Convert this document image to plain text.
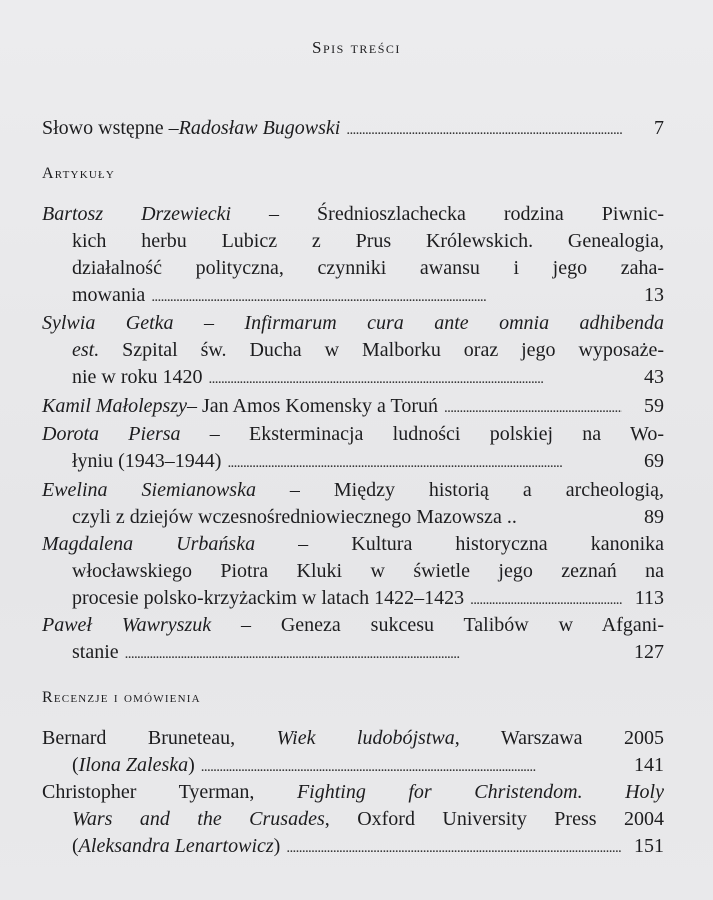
Spis treści
Słowo wstępne – Radosław Bugowski . . .	7
Artykuły
Bartosz Drzewiecki – Średnioszlachecka rodzina Piwnic-
kich herbu Lubicz z Prus Królewskich. Genealogia,
działalność polityczna, czynniki awansu i jego zaha-
mowania . . .	13
Sylwia Getka – Infirmarum cura ante omnia adhibenda
est. Szpital św. Ducha w Malborku oraz jego wyposaże-
nie w roku 1420 . . .	43
Kamil Małolepszy – Jan Amos Komensky a Toruń . . .	59
Dorota Piersa – Eksterminacja ludności polskiej na Wo-
łyniu (1943–1944) . . .	69
Ewelina Siemianowska – Między historią a archeologią,
czyli z dziejów wczesnośredniowiecznego Mazowsza ..	89
Magdalena Urbańska – Kultura historyczna kanonika
włocławskiego Piotra Kluki w świetle jego zeznań na
procesie polsko-krzyżackim w latach 1422–1423 . . .	113
Paweł Wawryszuk – Geneza sukcesu Talibów w Afgani-
stanie . . .	127
Recenzje i omówienia
Bernard Bruneteau, Wiek ludobójstwa, Warszawa 2005
( Ilona Zaleska ) . . .	141
Christopher Tyerman, Fighting for Christendom. Holy
Wars and the Crusades, Oxford University Press 2004
( Aleksandra Lenartowicz ) . . .	151
